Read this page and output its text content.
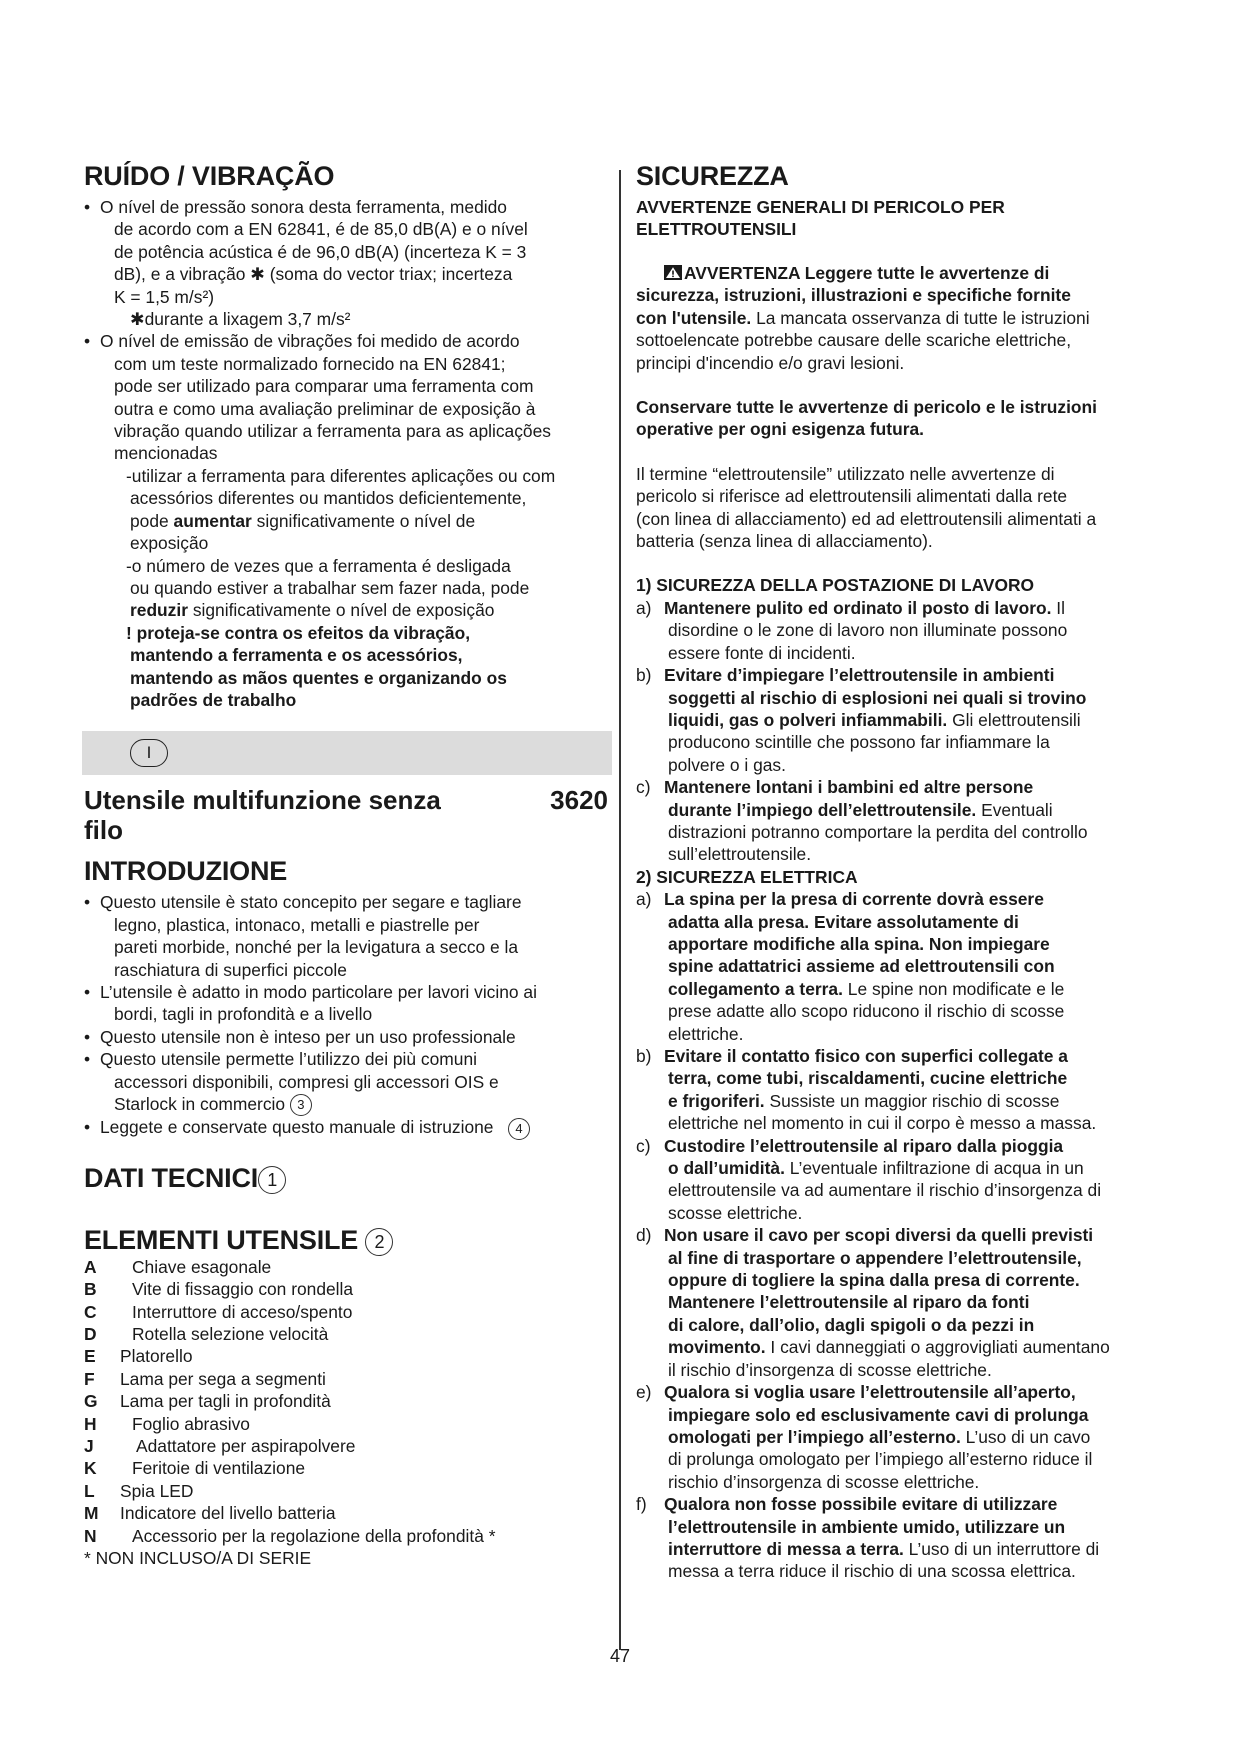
RUÍDO / VIBRAÇÃO
• O nível de pressão sonora desta ferramenta, medido
de acordo com a EN 62841, é de 85,0 dB(A) e o nível
de potência acústica é de 96,0 dB(A) (incerteza K = 3
dB), e a vibração ✱ (soma do vector triax; incerteza
K = 1,5 m/s²)
✱durante a lixagem 3,7 m/s²
• O nível de emissão de vibrações foi medido de acordo
com um teste normalizado fornecido na EN 62841;
pode ser utilizado para comparar uma ferramenta com
outra e como uma avaliação preliminar de exposição à
vibração quando utilizar a ferramenta para as aplicações
mencionadas
-utilizar a ferramenta para diferentes aplicações ou com
acessórios diferentes ou mantidos deficientemente,
pode aumentar significativamente o nível de
exposição
-o número de vezes que a ferramenta é desligada
ou quando estiver a trabalhar sem fazer nada, pode
reduzir significativamente o nível de exposição
! proteja-se contra os efeitos da vibração,
mantendo a ferramenta e os acessórios,
mantendo as mãos quentes e organizando os
padrões de trabalho
I
Utensile multifunzione senza
filo
3620
INTRODUZIONE
• Questo utensile è stato concepito per segare e tagliare
legno, plastica, intonaco, metalli e piastrelle per
pareti morbide, nonché per la levigatura a secco e la
raschiatura di superfici piccole
• L’utensile è adatto in modo particolare per lavori vicino ai
bordi, tagli in profondità e a livello
• Questo utensile non è inteso per un uso professionale
• Questo utensile permette l’utilizzo dei più comuni
accessori disponibili, compresi gli accessori OIS e
Starlock in commercio 3
• Leggete e conservate questo manuale di istruzione 4
DATI TECNICI 1
ELEMENTI UTENSILE 2
A	Chiave esagonale
B	Vite di fissaggio con rondella
C	Interruttore di acceso/spento
D	Rotella selezione velocità
E	Platorello
F	Lama per sega a segmenti
G	Lama per tagli in profondità
H	Foglio abrasivo
J	Adattatore per aspirapolvere
K	Feritoie di ventilazione
L	Spia LED
M	Indicatore del livello batteria
N	Accessorio per la regolazione della profondità *
* NON INCLUSO/A DI SERIE
SICUREZZA
AVVERTENZE GENERALI DI PERICOLO PER
ELETTROUTENSILI
AVVERTENZA Leggere tutte le avvertenze di
sicurezza, istruzioni, illustrazioni e specifiche fornite
con l'utensile. La mancata osservanza di tutte le istruzioni
sottoelencate potrebbe causare delle scariche elettriche,
principi d'incendio e/o gravi lesioni.
Conservare tutte le avvertenze di pericolo e le istruzioni
operative per ogni esigenza futura.
Il termine “elettroutensile” utilizzato nelle avvertenze di
pericolo si riferisce ad elettroutensili alimentati dalla rete
(con linea di allacciamento) ed ad elettroutensili alimentati a
batteria (senza linea di allacciamento).
1) SICUREZZA DELLA POSTAZIONE DI LAVORO
a) Mantenere pulito ed ordinato il posto di lavoro. Il
disordine o le zone di lavoro non illuminate possono
essere fonte di incidenti.
b) Evitare d’impiegare l’elettroutensile in ambienti
soggetti al rischio di esplosioni nei quali si trovino
liquidi, gas o polveri infiammabili. Gli elettroutensili
producono scintille che possono far infiammare la
polvere o i gas.
c) Mantenere lontani i bambini ed altre persone
durante l’impiego dell’elettroutensile. Eventuali
distrazioni potranno comportare la perdita del controllo
sull’elettroutensile.
2) SICUREZZA ELETTRICA
a) La spina per la presa di corrente dovrà essere
adatta alla presa. Evitare assolutamente di
apportare modifiche alla spina. Non impiegare
spine adattatrici assieme ad elettroutensili con
collegamento a terra. Le spine non modificate e le
prese adatte allo scopo riducono il rischio di scosse
elettriche.
b) Evitare il contatto fisico con superfici collegate a
terra, come tubi, riscaldamenti, cucine elettriche
e frigoriferi. Sussiste un maggior rischio di scosse
elettriche nel momento in cui il corpo è messo a massa.
c) Custodire l’elettroutensile al riparo dalla pioggia
o dall’umidità. L’eventuale infiltrazione di acqua in un
elettroutensile va ad aumentare il rischio d’insorgenza di
scosse elettriche.
d) Non usare il cavo per scopi diversi da quelli previsti
al fine di trasportare o appendere l’elettroutensile,
oppure di togliere la spina dalla presa di corrente.
Mantenere l’elettroutensile al riparo da fonti
di calore, dall’olio, dagli spigoli o da pezzi in
movimento. I cavi danneggiati o aggrovigliati aumentano
il rischio d’insorgenza di scosse elettriche.
e) Qualora si voglia usare l’elettroutensile all’aperto,
impiegare solo ed esclusivamente cavi di prolunga
omologati per l’impiego all’esterno. L’uso di un cavo
di prolunga omologato per l’impiego all’esterno riduce il
rischio d’insorgenza di scosse elettriche.
f) Qualora non fosse possibile evitare di utilizzare
l’elettroutensile in ambiente umido, utilizzare un
interruttore di messa a terra. L’uso di un interruttore di
messa a terra riduce il rischio di una scossa elettrica.
47
